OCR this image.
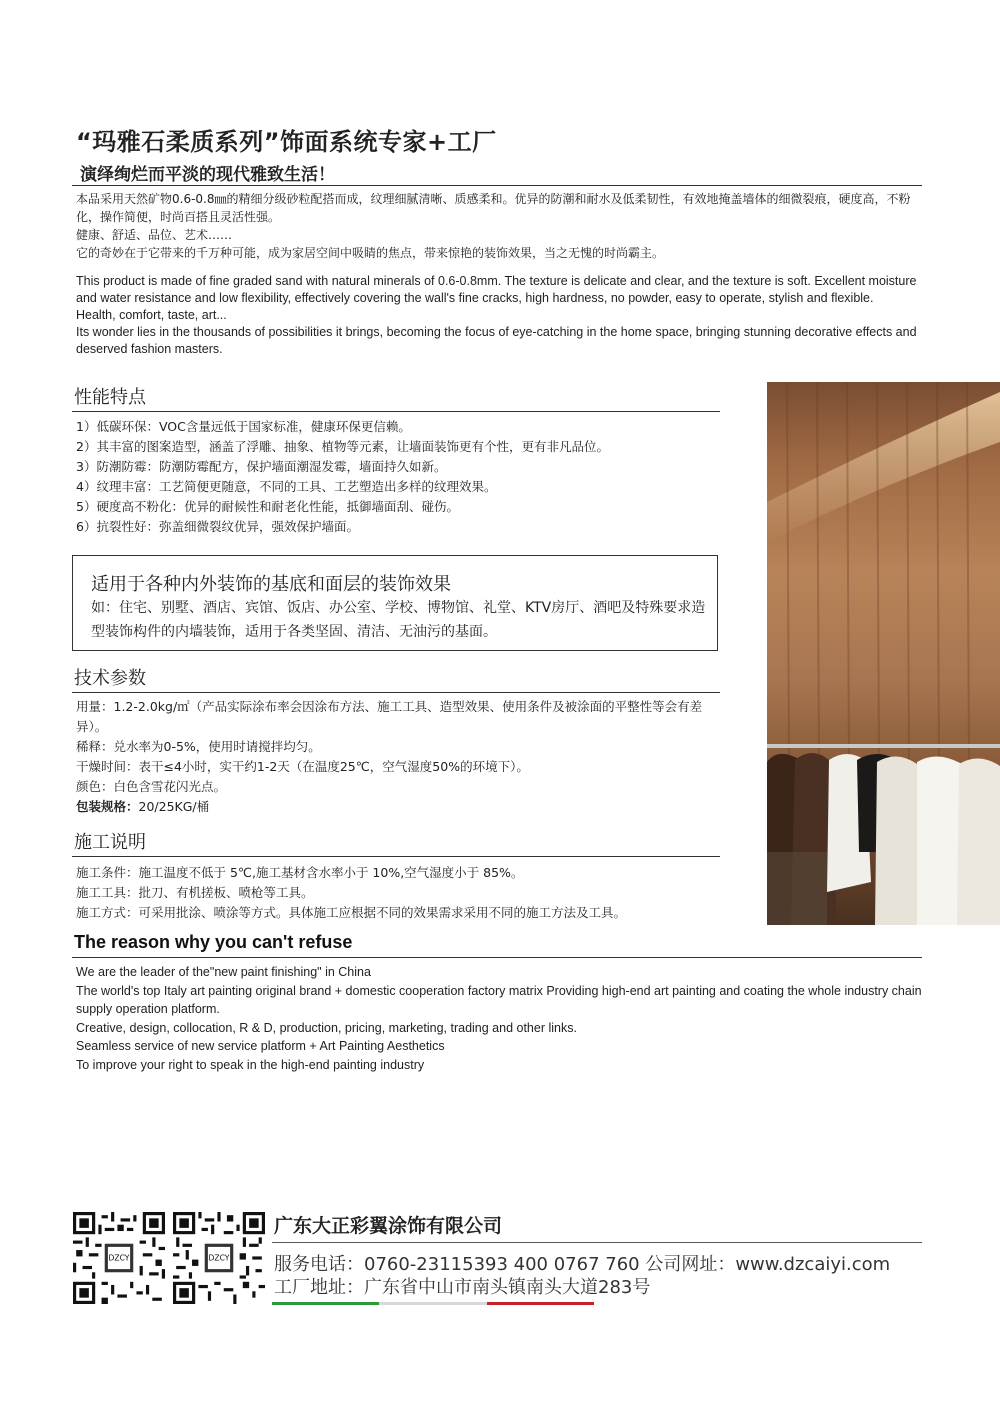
“玛雅石柔质系列”饰面系统专家+工厂
演绎绚烂而平淡的现代雅致生活！
本品采用天然矿物0.6-0.8㎜的精细分级砂粒配搭而成，纹理细腻清晰、质感柔和。优异的防潮和耐水及低柔韧性，有效地掩盖墙体的细微裂痕，硬度高，不粉化，操作简便，时尚百搭且灵活性强。
健康、舒适、品位、艺术……
它的奇妙在于它带来的千万种可能，成为家居空间中吸睛的焦点，带来惊艳的装饰效果，当之无愧的时尚霸主。
This product is made of fine graded sand with natural minerals of 0.6-0.8mm. The texture is delicate and clear, and the texture is soft. Excellent moisture and water resistance and low flexibility, effectively covering the wall's fine cracks, high hardness, no powder, easy to operate, stylish and flexible.
Health, comfort, taste, art...
Its wonder lies in the thousands of possibilities it brings, becoming the focus of eye-catching in the home space, bringing stunning decorative effects and deserved fashion masters.
性能特点
1）低碳环保：VOC含量远低于国家标准，健康环保更信赖。
2）其丰富的图案造型，涵盖了浮雕、抽象、植物等元素，让墙面装饰更有个性，更有非凡品位。
3）防潮防霉：防潮防霉配方，保护墙面潮湿发霉，墙面持久如新。
4）纹理丰富：工艺简便更随意，不同的工具、工艺塑造出多样的纹理效果。
5）硬度高不粉化：优异的耐候性和耐老化性能，抵御墙面刮、碰伤。
6）抗裂性好：弥盖细微裂纹优异，强效保护墙面。
适用于各种内外装饰的基底和面层的装饰效果
如：住宅、别墅、酒店、宾馆、饭店、办公室、学校、博物馆、礼堂、KTV房厅、酒吧及特殊要求造型装饰构件的内墙装饰，适用于各类坚固、清洁、无油污的基面。
技术参数
用量：1.2-2.0kg/㎡（产品实际涂布率会因涂布方法、施工工具、造型效果、使用条件及被涂面的平整性等会有差异）。
稀释：兑水率为0-5%，使用时请搅拌均匀。
干燥时间：表干≤4小时，实干约1-2天（在温度25℃，空气湿度50%的环境下）。
颜色：白色含雪花闪光点。
包装规格：20/25KG/桶
施工说明
施工条件：施工温度不低于 5℃,施工基材含水率小于 10%,空气湿度小于 85%。
施工工具：批刀、有机搓板、喷枪等工具。
施工方式：可采用批涂、喷涂等方式。具体施工应根据不同的效果需求采用不同的施工方法及工具。
The reason why you can't refuse
We are the leader of the"new paint finishing" in China
The world's top Italy art painting original brand + domestic cooperation factory matrix Providing high-end art painting and coating the whole industry chain supply operation platform.
Creative, design, collocation, R & D, production, pricing, marketing, trading and other links.
Seamless service of new service platform + Art Painting Aesthetics
To improve your right to speak in the high-end painting industry
DZCY	DZCY
广东大正彩翼涂饰有限公司
服务电话：0760-23115393 400 0767 760 公司网址：www.dzcaiyi.com
工厂地址：广东省中山市南头镇南头大道283号
